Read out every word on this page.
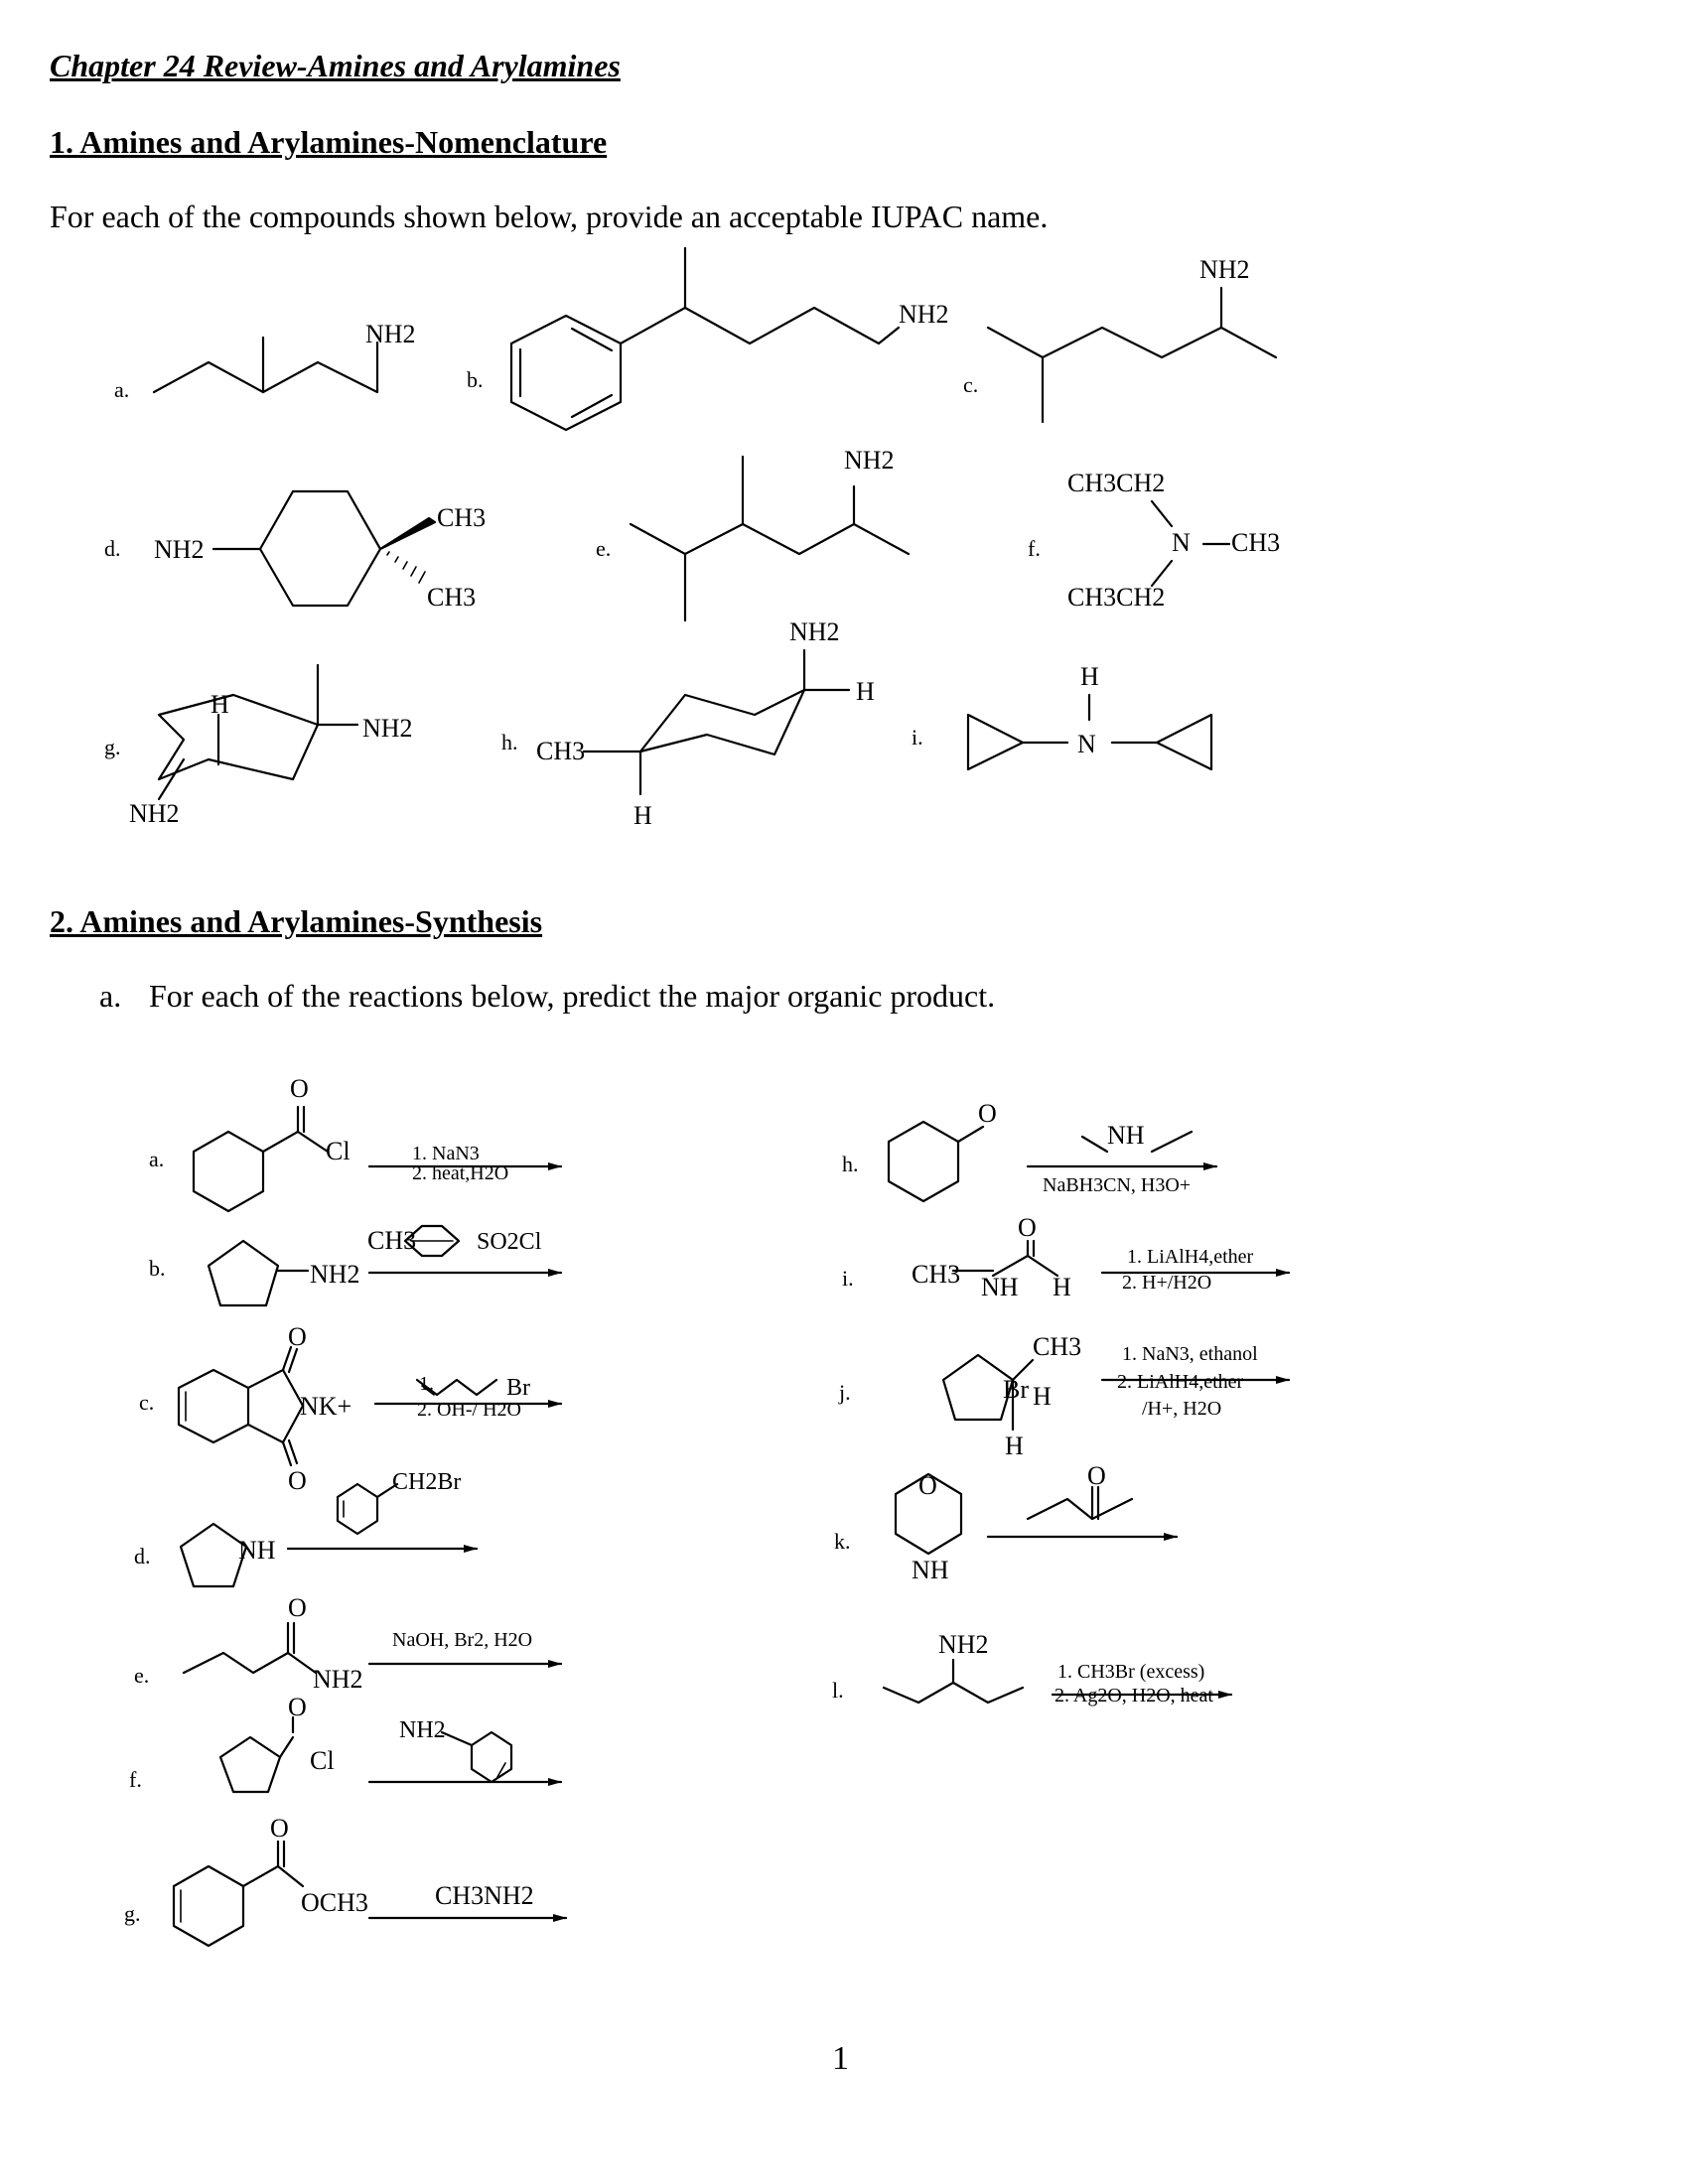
Chapter 24 Review-Amines and Arylamines
1. Amines and Arylamines-Nomenclature
For each of the compounds shown below, provide an acceptable IUPAC name.
2. Amines and Arylamines-Synthesis
a. For each of the reactions below, predict the major organic product.
1
a.	b.	c.
d.	e.	f.
g.	h.	i.
NH2
NH2
NH2
NH2
CH3
CH3
NH2
CH3CH2
N CH3
CH3CH2
H
NH2
NH2
CH3
NH2
H
H
H
N
a.
b.
c.
d.
e.
f.
g.
h.
i.
j.
k.
l.
O
Cl
NH2
CH3
O
NK+
O
NH
O
NH2
O
Cl
O
OCH3
O
CH3
O
NH H
CH3
Br H
H
O
NH
O
NH2
1. NaN3
2. heat,H2O
SO2Cl
1.	Br
2. OH-/ H2O
CH2Br
NaOH, Br2, H2O
NH2
CH3NH2
NH
NaBH3CN, H3O+
1. LiAlH4,ether
2. H+/H2O
1. NaN3, ethanol
2. LiAlH4,ether
/H+, H2O
1. CH3Br (excess)
2. Ag2O, H2O, heat
